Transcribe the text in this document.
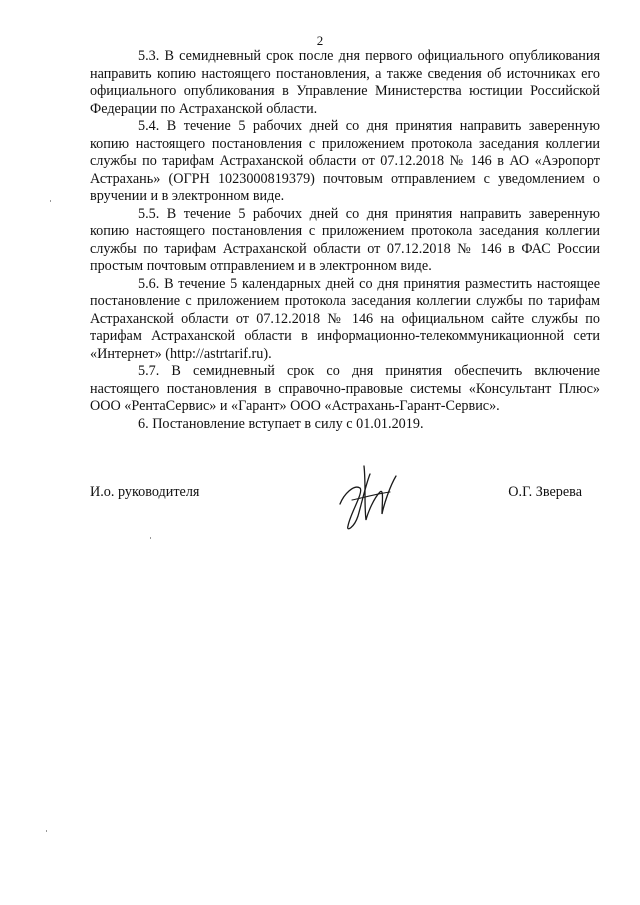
2

5.3. В семидневный срок после дня первого официального опубликования направить копию настоящего постановления, а также сведения об источниках его официального опубликования в Управление Министерства юстиции Российской Федерации по Астраханской области.

5.4. В течение 5 рабочих дней со дня принятия направить заверенную копию настоящего постановления с приложением протокола заседания коллегии службы по тарифам Астраханской области от 07.12.2018 № 146 в АО «Аэропорт Астрахань» (ОГРН 1023000819379) почтовым отправлением с уведомлением о вручении и в электронном виде.

5.5. В течение 5 рабочих дней со дня принятия направить заверенную копию настоящего постановления с приложением протокола заседания коллегии службы по тарифам Астраханской области от 07.12.2018 № 146 в ФАС России простым почтовым отправлением и в электронном виде.

5.6. В течение 5 календарных дней со дня принятия разместить настоящее постановление с приложением протокола заседания коллегии службы по тарифам Астраханской области от 07.12.2018 № 146 на официальном сайте службы по тарифам Астраханской области в информационно-телекоммуникационной сети «Интернет» (http://astrtarif.ru).

5.7. В семидневный срок со дня принятия обеспечить включение настоящего постановления в справочно-правовые системы «Консультант Плюс» ООО «РентаСервис» и «Гарант» ООО «Астрахань-Гарант-Сервис».

6. Постановление вступает в силу с 01.01.2019.

И.о. руководителя	О.Г. Зверева
